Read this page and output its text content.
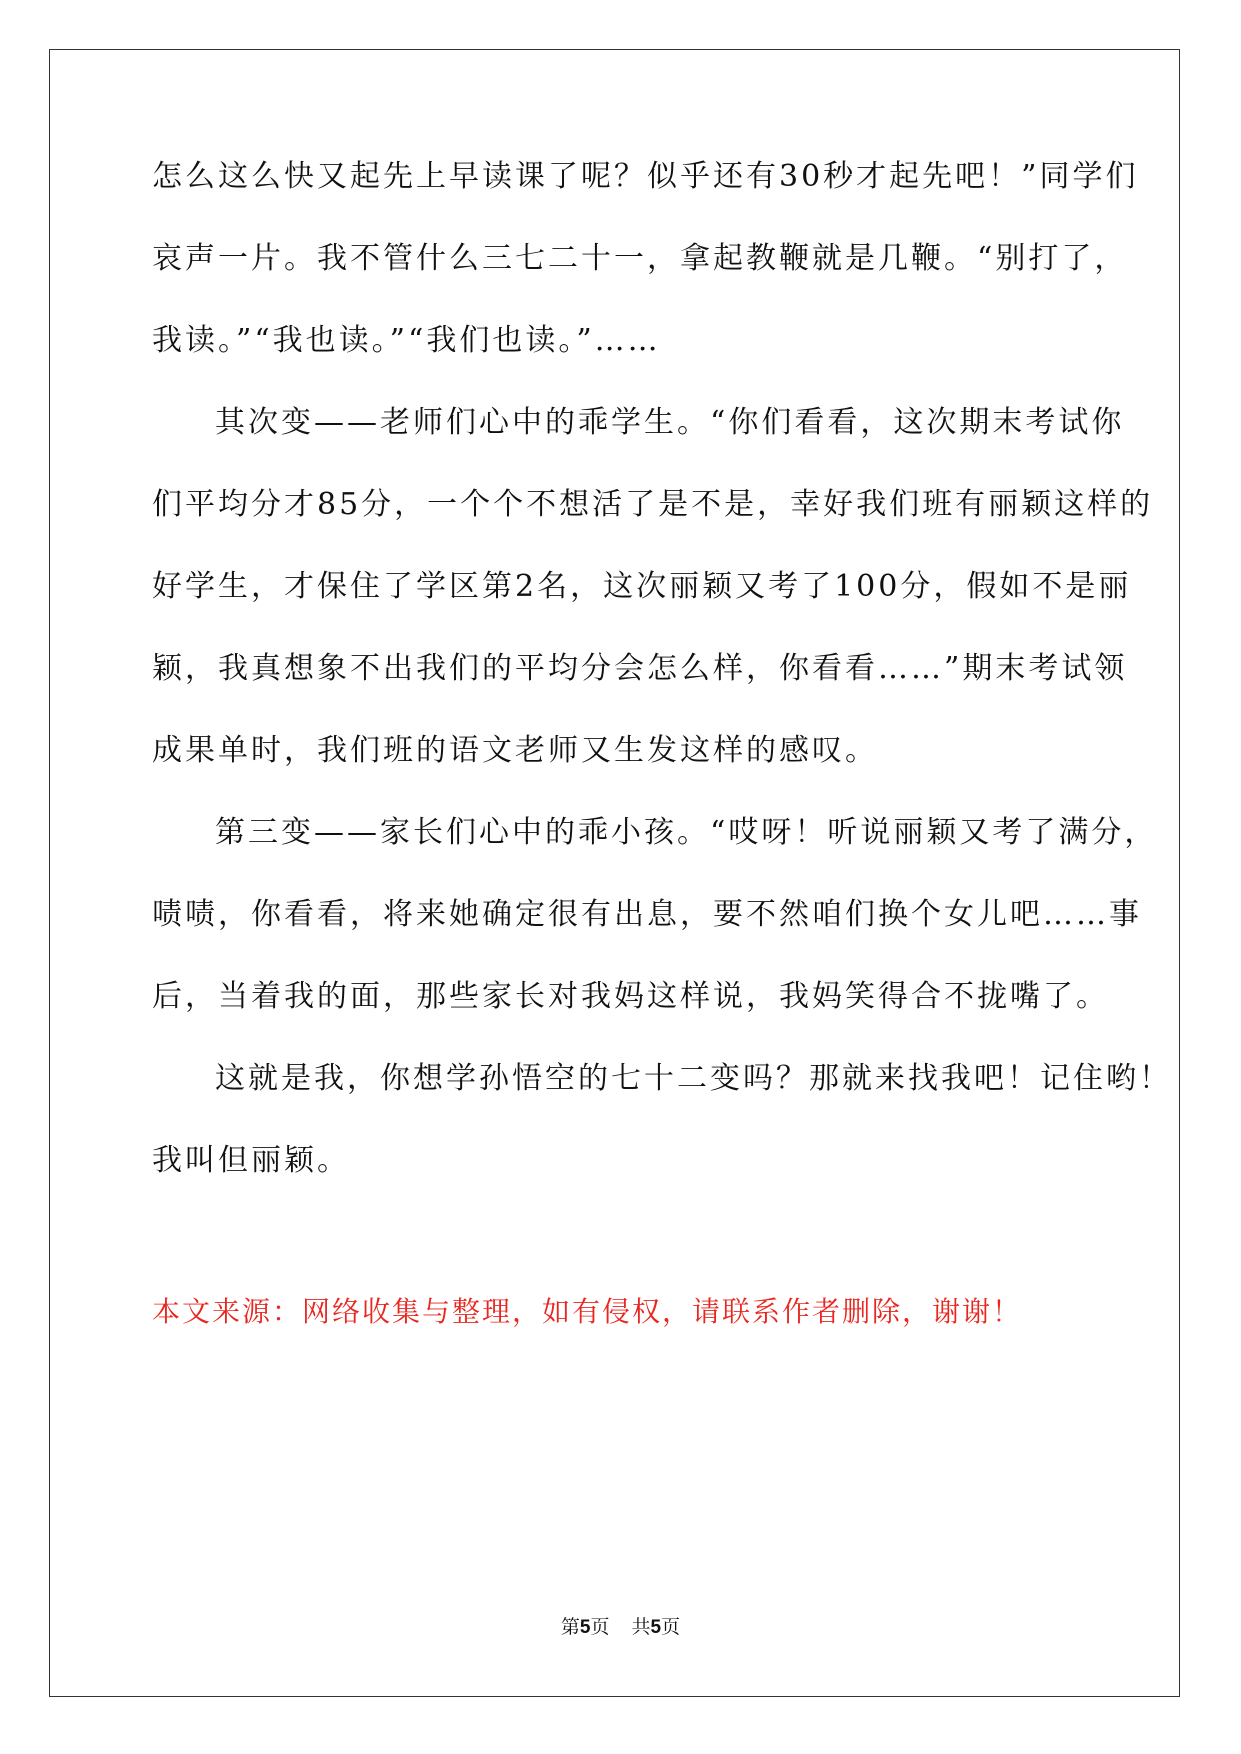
怎么这么快又起先上早读课了呢？似乎还有30秒才起先吧！”同学们
哀声一片。我不管什么三七二十一，拿起教鞭就是几鞭。“别打了，
我读。”“我也读。”“我们也读。”……
其次变——老师们心中的乖学生。“你们看看，这次期末考试你
们平均分才85分，一个个不想活了是不是，幸好我们班有丽颖这样的
好学生，才保住了学区第2名，这次丽颖又考了100分，假如不是丽
颖，我真想象不出我们的平均分会怎么样，你看看……”期末考试领
成果单时，我们班的语文老师又生发这样的感叹。
第三变——家长们心中的乖小孩。“哎呀！听说丽颖又考了满分，
啧啧，你看看，将来她确定很有出息，要不然咱们换个女儿吧……事
后，当着我的面，那些家长对我妈这样说，我妈笑得合不拢嘴了。
这就是我，你想学孙悟空的七十二变吗？那就来找我吧！记住哟！
我叫但丽颖。
本文来源：网络收集与整理，如有侵权，请联系作者删除，谢谢！
第5页 共5页
